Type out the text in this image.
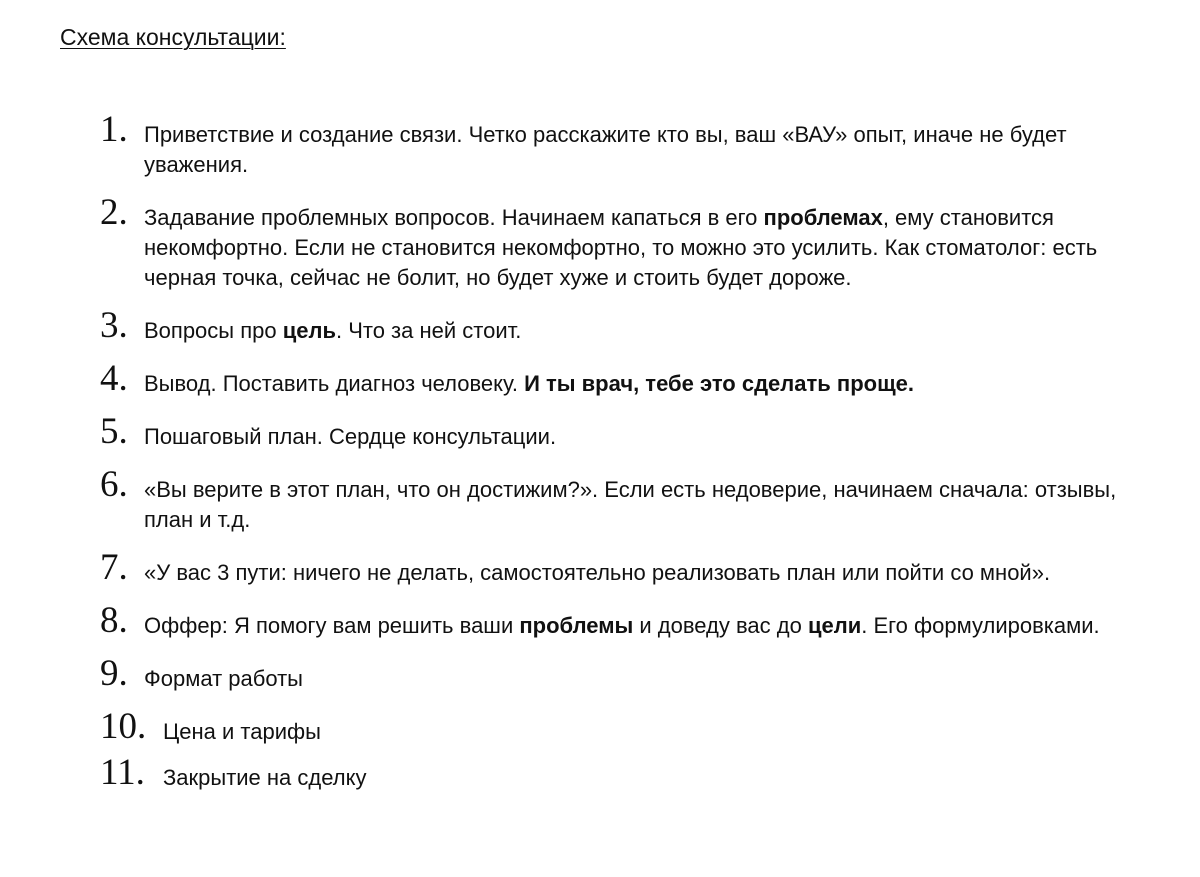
Схема консультации:
1. Приветствие и создание связи. Четко расскажите кто вы, ваш «ВАУ» опыт, иначе не будет уважения.
2. Задавание проблемных вопросов. Начинаем капаться в его проблемах, ему становится некомфортно. Если не становится некомфортно, то можно это усилить. Как стоматолог: есть черная точка, сейчас не болит, но будет хуже и стоить будет дороже.
3. Вопросы про цель. Что за ней стоит.
4. Вывод. Поставить диагноз человеку. И ты врач, тебе это сделать проще.
5. Пошаговый план. Сердце консультации.
6. «Вы верите в этот план, что он достижим?». Если есть недоверие, начинаем сначала: отзывы, план и т.д.
7. «У вас 3 пути: ничего не делать, самостоятельно реализовать план или пойти со мной».
8. Оффер: Я помогу вам решить ваши проблемы и доведу вас до цели. Его формулировками.
9. Формат работы
10. Цена и тарифы
11. Закрытие на сделку
